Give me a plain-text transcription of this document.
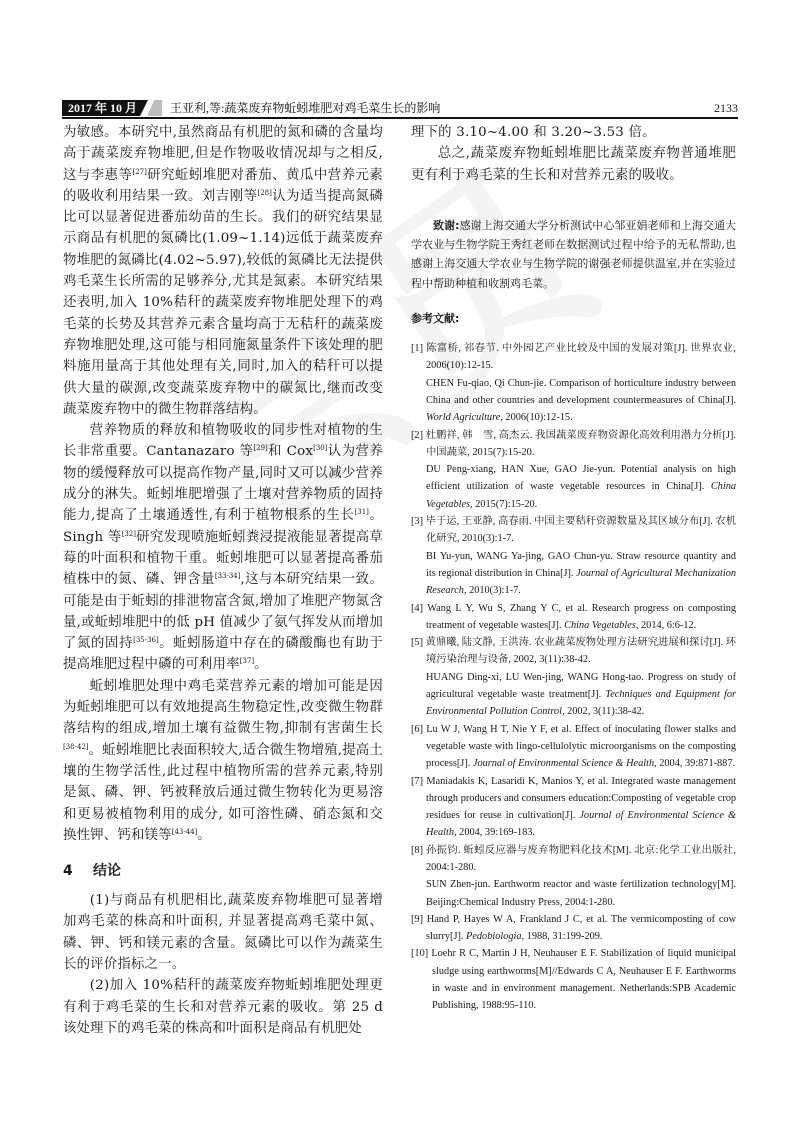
2017 年 10 月	王亚利,等:蔬菜废弃物蚯蚓堆肥对鸡毛菜生长的影响	2133

为敏感。本研究中,虽然商品有机肥的氮和磷的含量均高于蔬菜废弃物堆肥,但是作物吸收情况却与之相反,这与李惠等[27]研究蚯蚓堆肥对番茄、黄瓜中营养元素的吸收利用结果一致。刘吉刚等[28]认为适当提高氮磷比可以显著促进番茄幼苗的生长。我们的研究结果显示商品有机肥的氮磷比(1.09~1.14)远低于蔬菜废弃物堆肥的氮磷比(4.02~5.97),较低的氮磷比无法提供鸡毛菜生长所需的足够养分,尤其是氮素。本研究结果还表明,加入 10%秸秆的蔬菜废弃物堆肥处理下的鸡毛菜的长势及其营养元素含量均高于无秸秆的蔬菜废弃物堆肥处理,这可能与相同施氮量条件下该处理的肥料施用量高于其他处理有关,同时,加入的秸秆可以提供大量的碳源,改变蔬菜废弃物中的碳氮比,继而改变蔬菜废弃物中的微生物群落结构。

营养物质的释放和植物吸收的同步性对植物的生长非常重要。Cantanazaro 等[29]和 Cox[30]认为营养物的缓慢释放可以提高作物产量,同时又可以减少营养成分的淋失。蚯蚓堆肥增强了土壤对营养物质的固持能力,提高了土壤通透性,有利于植物根系的生长[31]。Singh 等[32]研究发现喷施蚯蚓粪浸提液能显著提高草莓的叶面积和植物干重。蚯蚓堆肥可以显著提高番茄植株中的氮、磷、钾含量[33-34],这与本研究结果一致。可能是由于蚯蚓的排泄物富含氮,增加了堆肥产物氮含量,或蚯蚓堆肥中的低 pH 值减少了氨气挥发从而增加了氮的固持[35-36]。蚯蚓肠道中存在的磷酸酶也有助于提高堆肥过程中磷的可利用率[37]。

蚯蚓堆肥处理中鸡毛菜营养元素的增加可能是因为蚯蚓堆肥可以有效地提高生物稳定性,改变微生物群落结构的组成,增加土壤有益微生物,抑制有害菌生长[38-42]。蚯蚓堆肥比表面积较大,适合微生物增殖,提高土壤的生物学活性,此过程中植物所需的营养元素,特别是氮、磷、钾、钙被释放后通过微生物转化为更易溶和更易被植物利用的成分, 如可溶性磷、硝态氮和交换性钾、钙和镁等[43-44]。

4 结论

(1)与商品有机肥相比,蔬菜废弃物堆肥可显著增加鸡毛菜的株高和叶面积, 并显著提高鸡毛菜中氮、磷、钾、钙和镁元素的含量。氮磷比可以作为蔬菜生长的评价指标之一。

(2)加入 10%秸秆的蔬菜废弃物蚯蚓堆肥处理更有利于鸡毛菜的生长和对营养元素的吸收。第 25 d 该处理下的鸡毛菜的株高和叶面积是商品有机肥处

理下的 3.10~4.00 和 3.20~3.53 倍。

总之,蔬菜废弃物蚯蚓堆肥比蔬菜废弃物普通堆肥更有利于鸡毛菜的生长和对营养元素的吸收。

致谢:感谢上海交通大学分析测试中心邹亚娟老师和上海交通大学农业与生物学院王秀红老师在数据测试过程中给予的无私帮助,也感谢上海交通大学农业与生物学院的谢强老师提供温室,并在实验过程中帮助种植和收割鸡毛菜。

参考文献:

[1] 陈富桥, 祁春节. 中外园艺产业比较及中国的发展对策[J]. 世界农业, 2006(10):12-15.

CHEN Fu-qiao, Qi Chun-jie. Comparison of horticulture industry between China and other countries and development countermeasures of China[J]. World Agriculture, 2006(10):12-15.

[2] 杜鹏祥, 韩　雪, 高杰云. 我国蔬菜废弃物资源化高效利用潜力分析[J]. 中国蔬菜, 2015(7):15-20.

DU Peng-xiang, HAN Xue, GAO Jie-yun. Potential analysis on high efficient utilization of waste vegetable resources in China[J]. China Vegetables, 2015(7):15-20.

[3] 毕于运, 王亚静, 高春雨. 中国主要秸秆资源数量及其区域分布[J]. 农机化研究, 2010(3):1-7.

BI Yu-yun, WANG Ya-jing, GAO Chun-yu. Straw resource quantity and its regional distribution in China[J]. Journal of Agricultural Mechanization Research, 2010(3):1-7.

[4] Wang L Y, Wu S, Zhang Y C, et al. Research progress on composting treatment of vegetable wastes[J]. China Vegetables, 2014, 6:6-12.

[5] 黄鼎曦, 陆文静, 王洪涛. 农业蔬菜废物处理方法研究进展和探讨[J]. 环境污染治理与设备, 2002, 3(11):38-42.

HUANG Ding-xi, LU Wen-jing, WANG Hong-tao. Progress on study of agricultural vegetable waste treatment[J]. Techniques and Equipment for Environmental Pollution Control, 2002, 3(11):38-42.

[6] Lu W J, Wang H T, Nie Y F, et al. Effect of inoculating flower stalks and vegetable waste with lingo-cellulolytic microorganisms on the composting process[J]. Journal of Environmental Science & Health, 2004, 39:871-887.

[7] Maniadakis K, Lasaridi K, Manios Y, et al. Integrated waste management through producers and consumers education:Composting of vegetable crop residues for reuse in cultivation[J]. Journal of Environmental Science & Health, 2004, 39:169-183.

[8] 孙振钧. 蚯蚓反应器与废弃物肥料化技术[M]. 北京:化学工业出版社, 2004:1-280.

SUN Zhen-jun. Earthworm reactor and waste fertilization technology[M]. Beijing:Chemical Industry Press, 2004:1-280.

[9] Hand P, Hayes W A, Frankland J C, et al. The vermicomposting of cow slurry[J]. Pedobiologia, 1988, 31:199-209.

[10] Loehr R C, Martin J H, Neuhauser E F. Stabilization of liquid municipal sludge using earthworms[M]//Edwards C A, Neuhauser E F. Earthworms in waste and in environment management. Netherlands:SPB Academic Publishing, 1988:95-110.
